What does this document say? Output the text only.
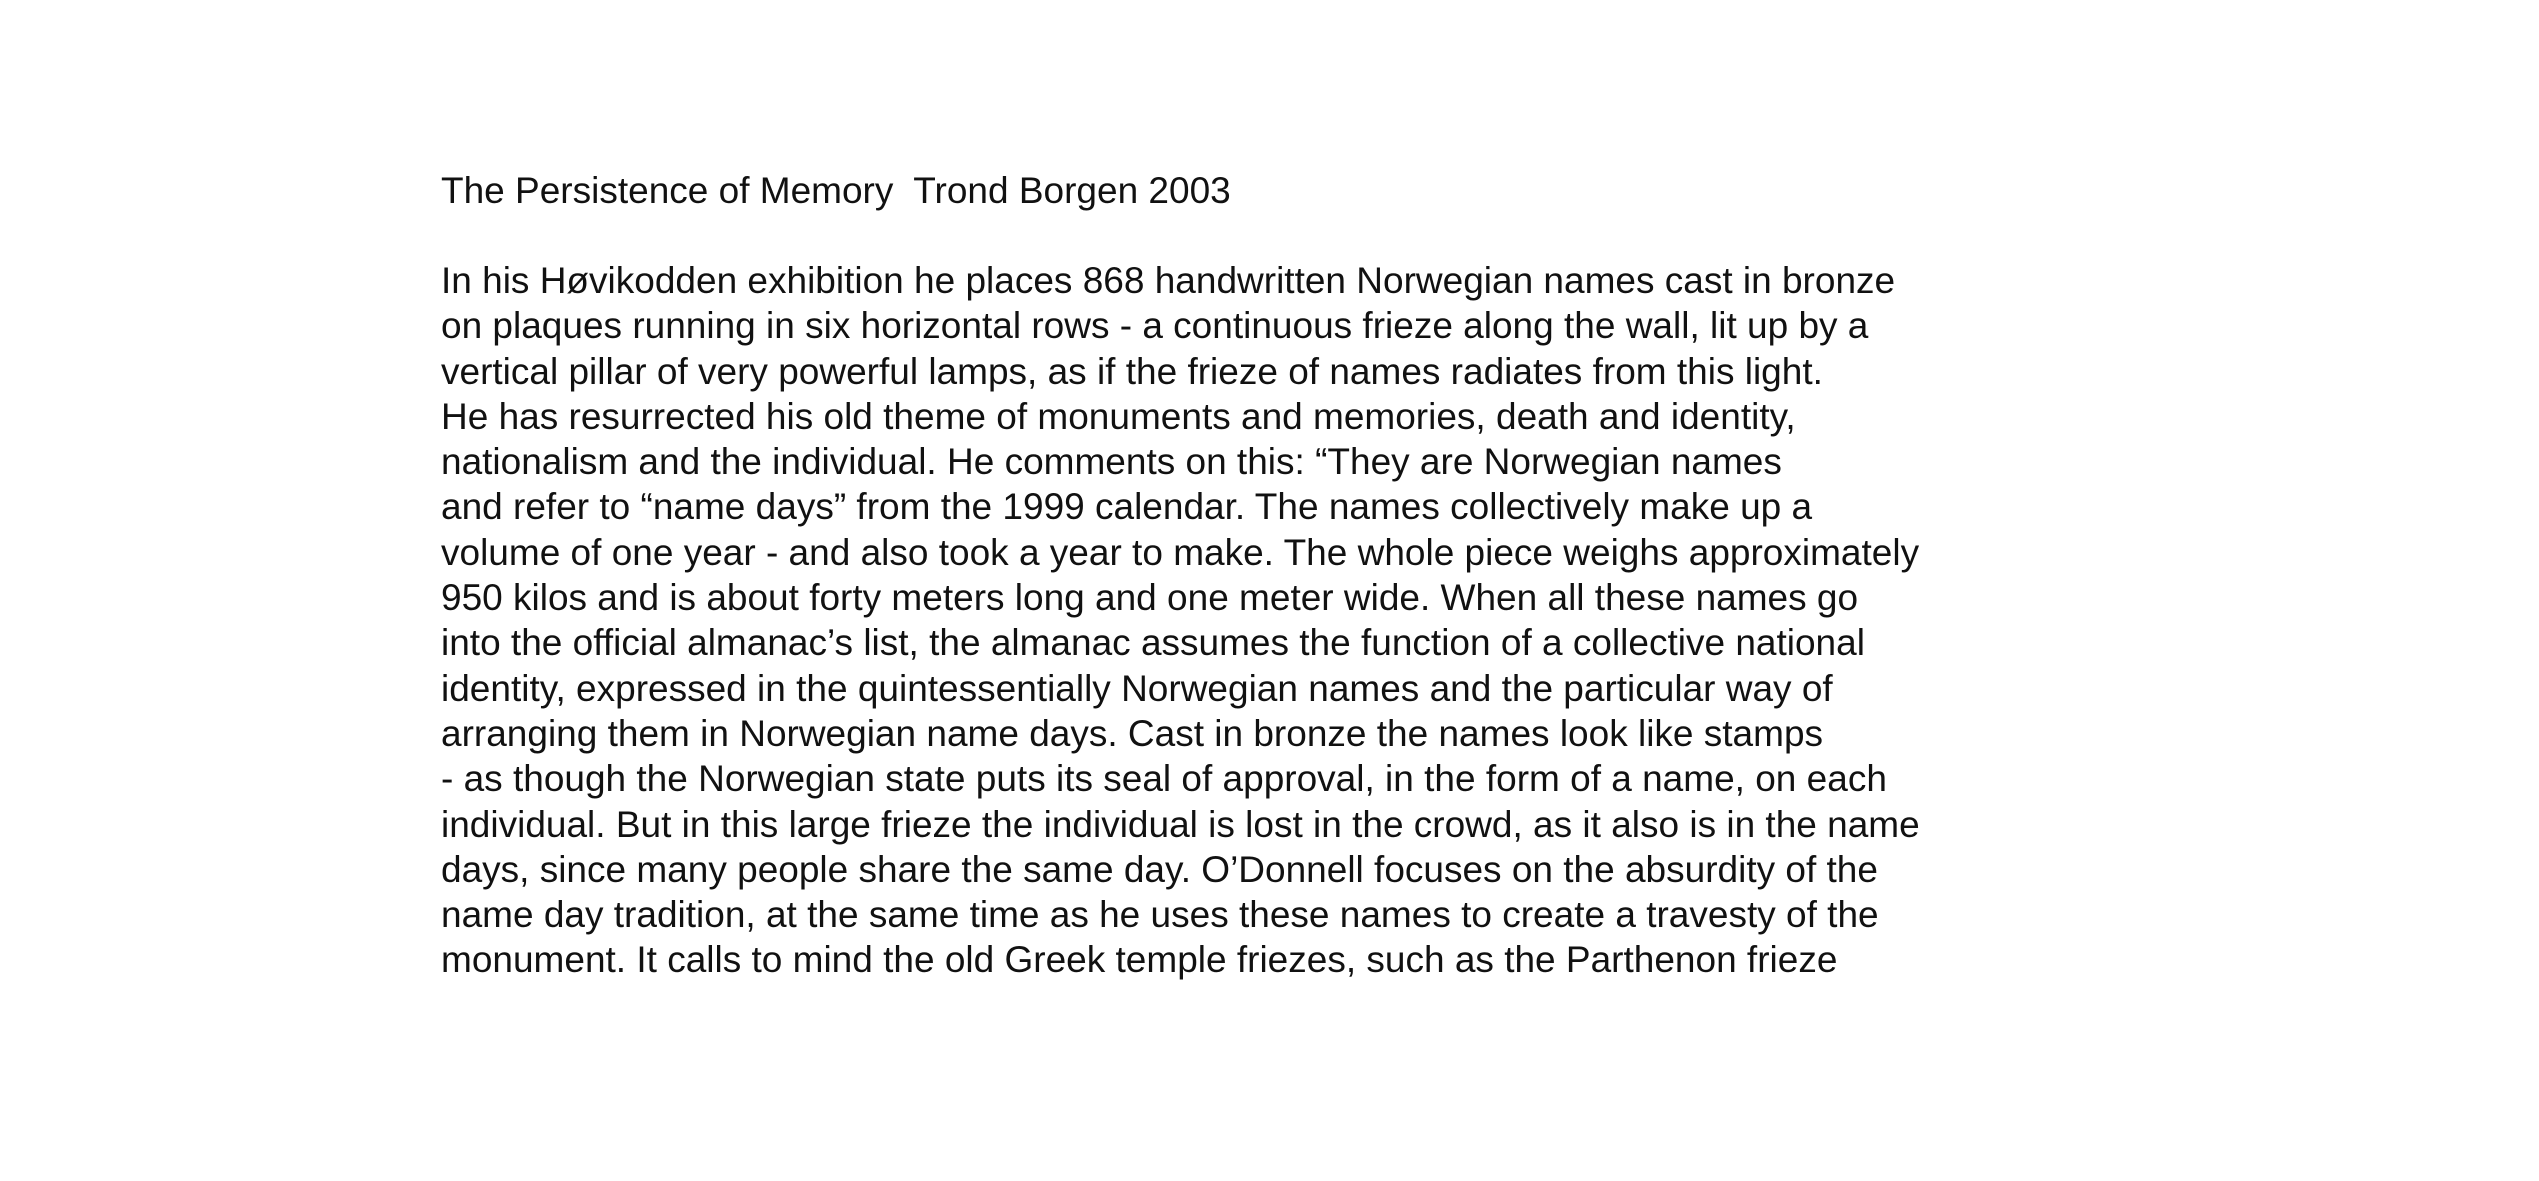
The Persistence of Memory  Trond Borgen 2003
In his Høvikodden exhibition he places 868 handwritten Norwegian names cast in bronze
on plaques running in six horizontal rows - a continuous frieze along the wall, lit up by a
vertical pillar of very powerful lamps, as if the frieze of names radiates from this light.
He has resurrected his old theme of monuments and memories, death and identity,
nationalism and the individual. He comments on this: “They are Norwegian names
and refer to “name days” from the 1999 calendar. The names collectively make up a
volume of one year - and also took a year to make. The whole piece weighs approximately
950 kilos and is about forty meters long and one meter wide. When all these names go
into the official almanac’s list, the almanac assumes the function of a collective national
identity, expressed in the quintessentially Norwegian names and the particular way of
arranging them in Norwegian name days. Cast in bronze the names look like stamps
- as though the Norwegian state puts its seal of approval, in the form of a name, on each
individual. But in this large frieze the individual is lost in the crowd, as it also is in the name
days, since many people share the same day. O’Donnell focuses on the absurdity of the
name day tradition, at the same time as he uses these names to create a travesty of the
monument. It calls to mind the old Greek temple friezes, such as the Parthenon frieze
